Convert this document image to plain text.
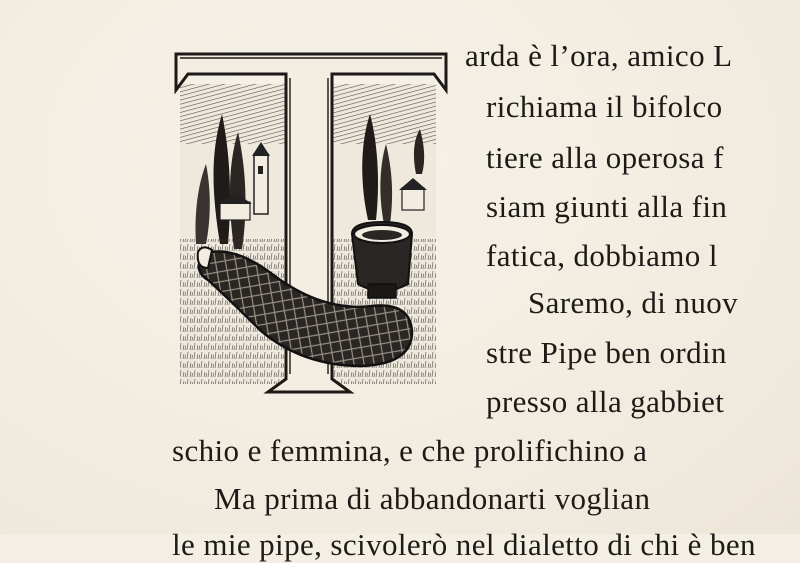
arda è l’ora, amico L
richiama il bifolco
tiere alla operosa f
siam giunti alla fin
fatica, dobbiamo l
Saremo, di nuov
stre Pipe ben ordin
presso alla gabbiet
schio e femmina, e che prolifichino a
Ma prima di abbandonarti voglian
le mie pipe, scivolerò nel dialetto di chi è ben
